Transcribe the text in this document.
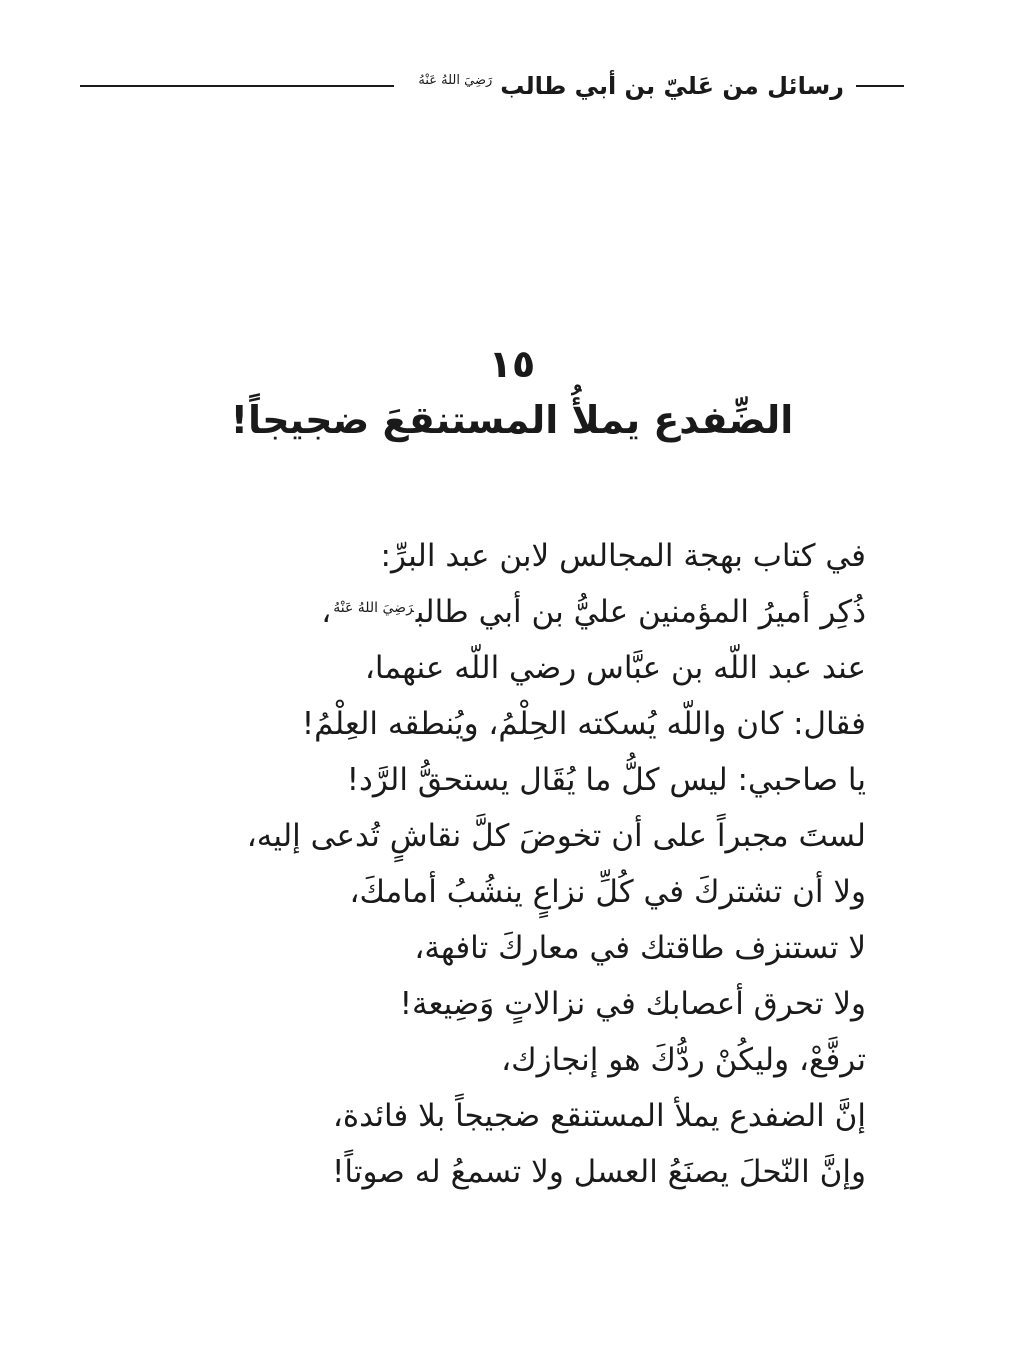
رسائل من عَليّ بن أبي طالب
رَضِيَ اللهُ عَنْهُ
١٥
الضِّفدع يملأُ المستنقعَ ضجيجاً!
في كتاب بهجة المجالس لابن عبد البرِّ:
ذُكِر أميرُ المؤمنين عليُّ بن أبي طالب$^{رَضِيَ اللهُ عَنْهُ}$،
عند عبد اللّه بن عبَّاس رضي اللّه عنهما،
فقال: كان واللّه يُسكته الحِلْمُ، ويُنطقه العِلْمُ!
يا صاحبي: ليس كلُّ ما يُقَال يستحقُّ الرَّد!
لستَ مجبراً على أن تخوضَ كلَّ نقاشٍ تُدعى إليه،
ولا أن تشتركَ في كُلِّ نزاعٍ ينشُبُ أمامكَ،
لا تستنزف طاقتك في معاركَ تافهة،
ولا تحرق أعصابك في نزالاتٍ وَضِيعة!
ترفَّعْ، وليكُنْ ردُّكَ هو إنجازك،
إنَّ الضفدع يملأ المستنقع ضجيجاً بلا فائدة،
وإنَّ النّحلَ يصنَعُ العسل ولا تسمعُ له صوتاً!
